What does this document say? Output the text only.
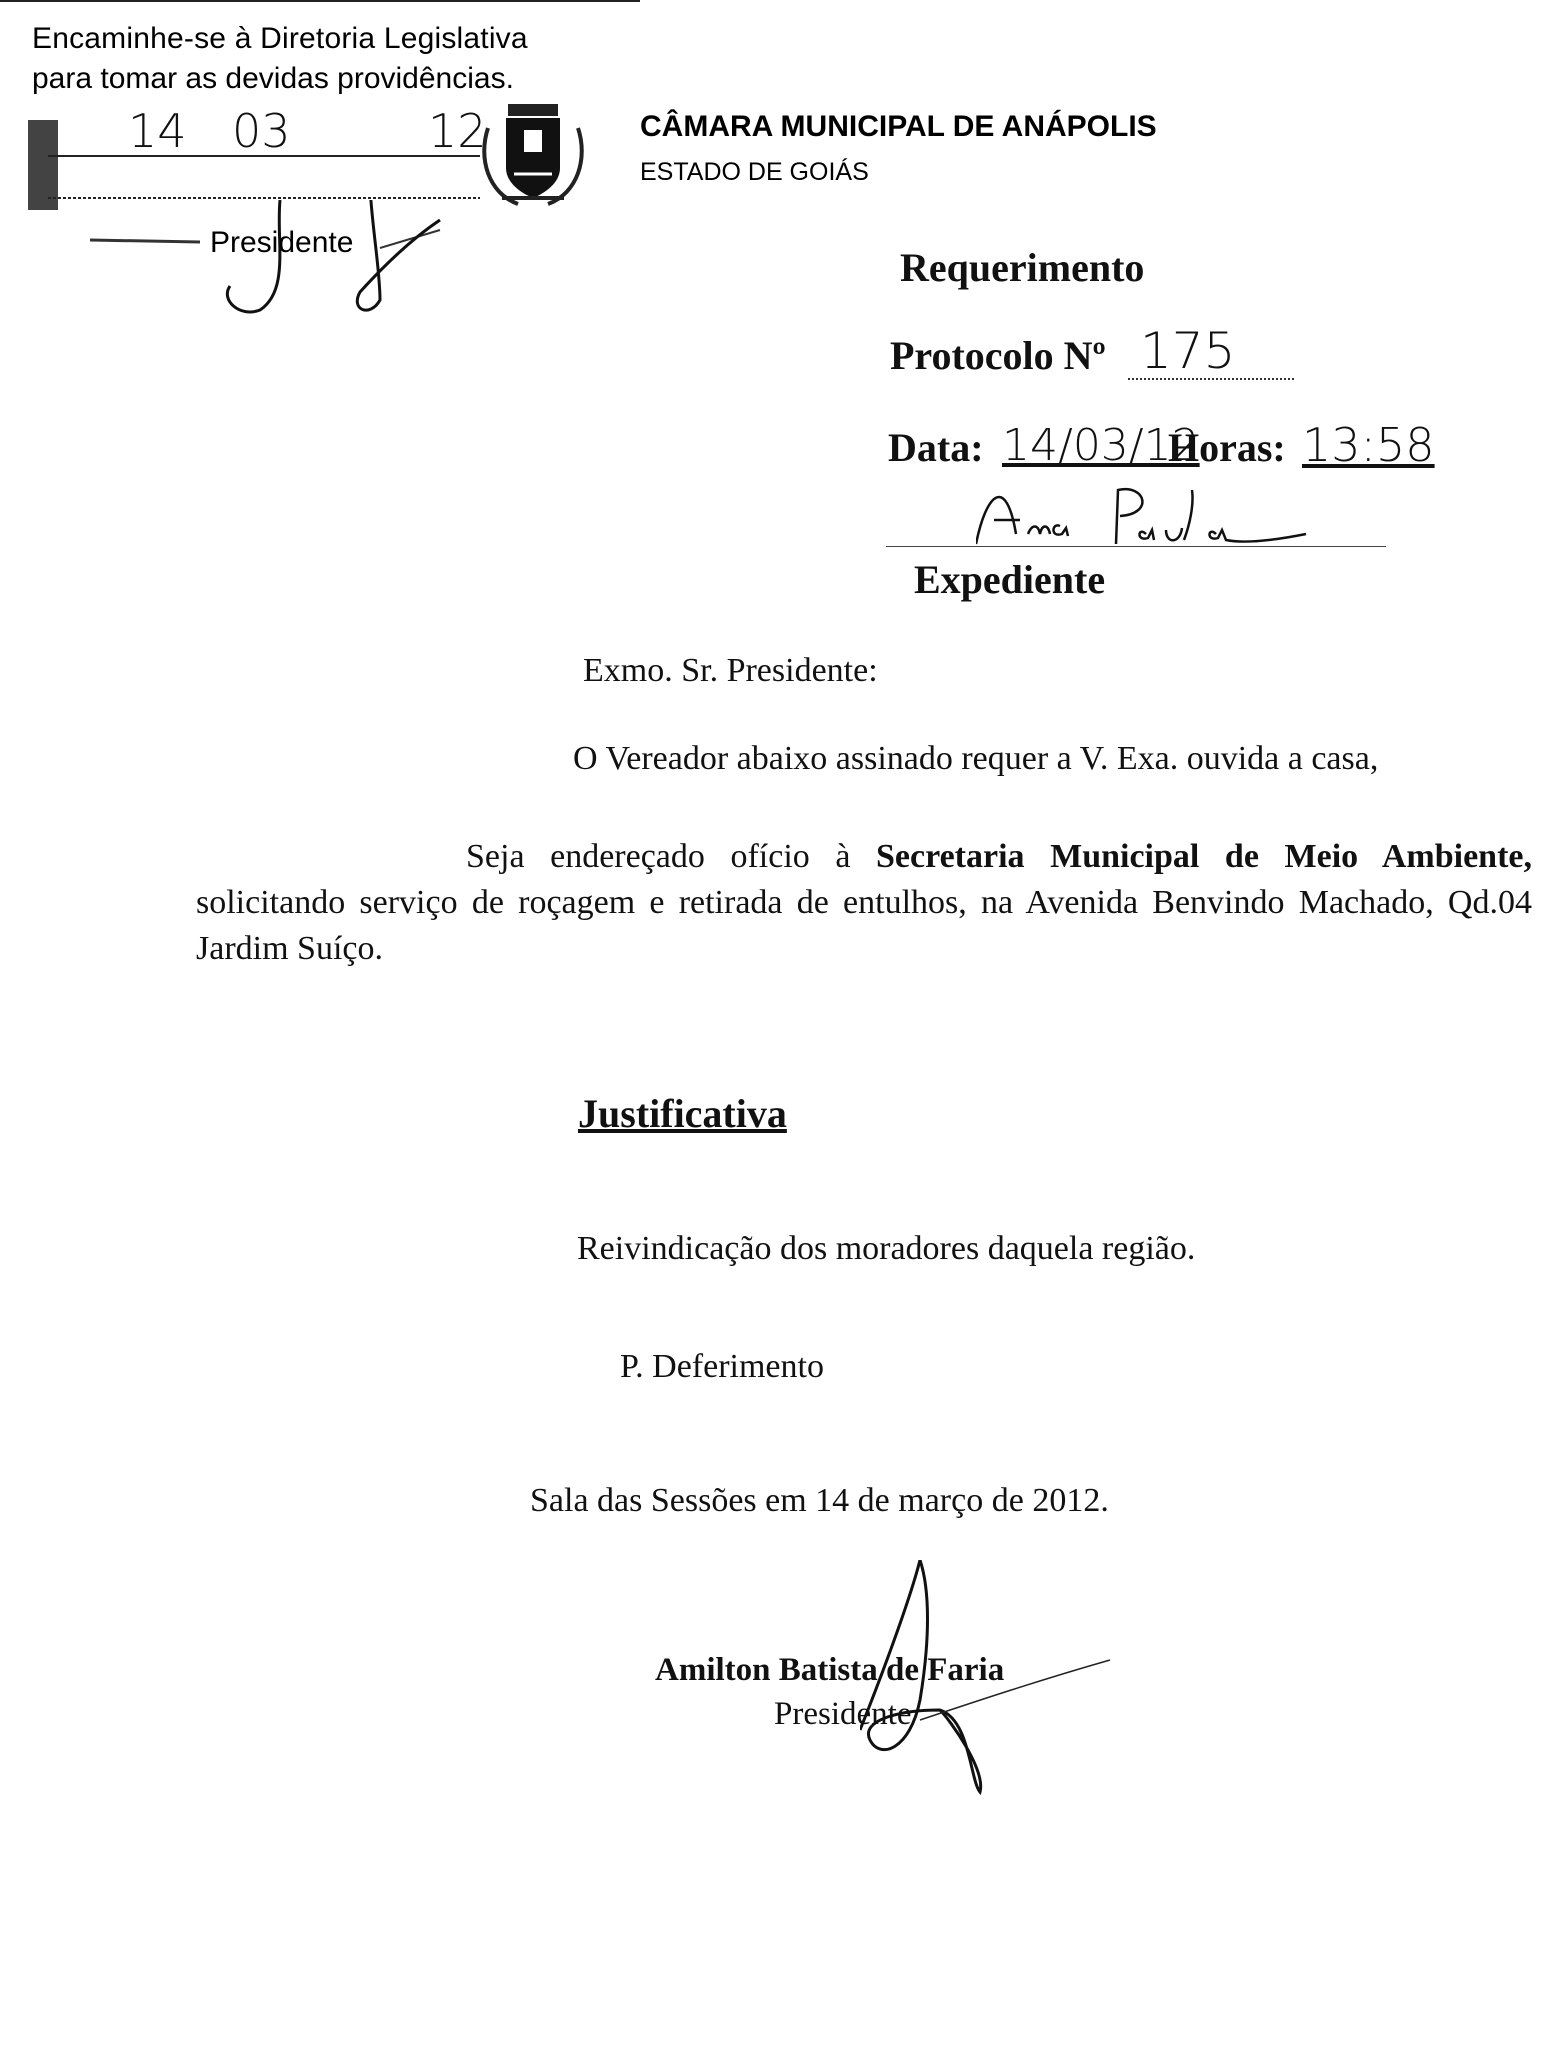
Encaminhe-se à Diretoria Legislativa
para tomar as devidas providências.
14 03	12
Presidente
CÂMARA MUNICIPAL DE ANÁPOLIS
ESTADO DE GOIÁS
Requerimento
Protocolo Nº 175
Data: 14/03/12
Horas: 13:58
Expediente
Exmo. Sr. Presidente:
O Vereador abaixo assinado requer a V. Exa. ouvida a casa,
Seja endereçado ofício à Secretaria Municipal de Meio Ambiente, solicitando serviço de roçagem e retirada de entulhos, na Avenida Benvindo Machado, Qd.04 Jardim Suíço.
Justificativa
Reivindicação dos moradores daquela região.
P. Deferimento
Sala das Sessões em 14 de março de 2012.
Amilton Batista de Faria
Presidente
